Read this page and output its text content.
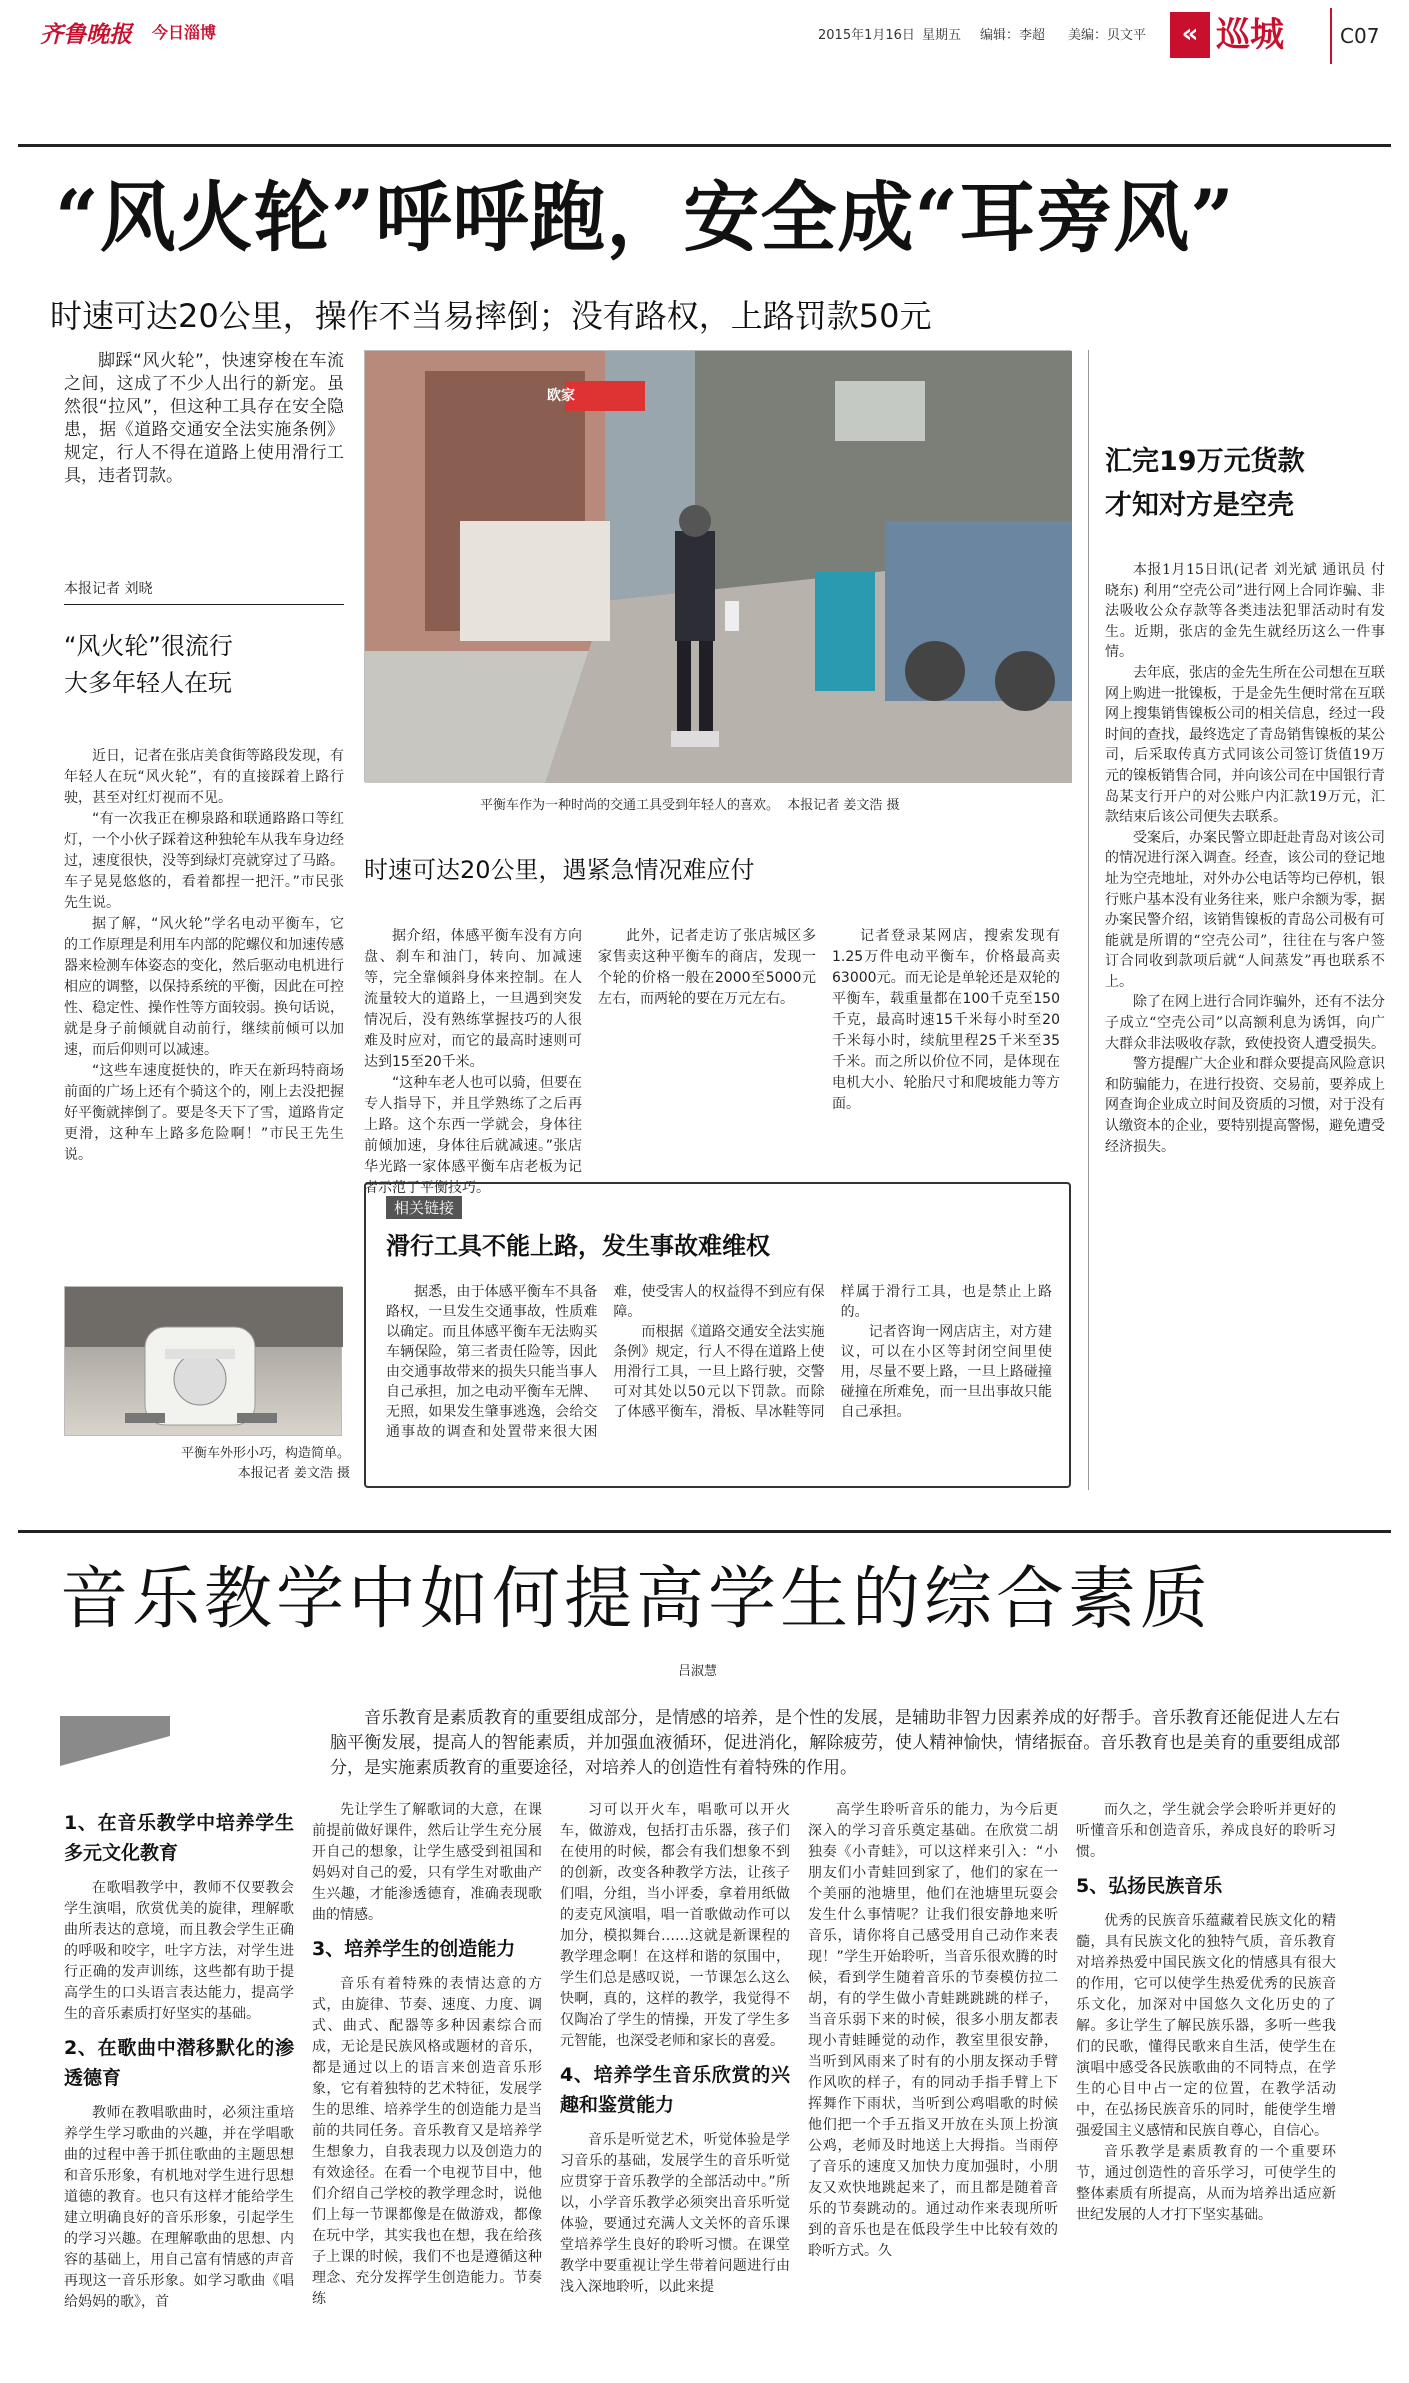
齐鲁晚报 今日淄博	2015年1月16日 星期五 编辑：李超 美编：贝文平	« 巡城	C07
“风火轮”呼呼跑，安全成“耳旁风”
时速可达20公里，操作不当易摔倒；没有路权，上路罚款50元

脚踩“风火轮”，快速穿梭在车流之间，这成了不少人出行的新宠。虽然很“拉风”，但这种工具存在安全隐患，据《道路交通安全法实施条例》规定，行人不得在道路上使用滑行工具，违者罚款。

本报记者 刘晓
“风火轮”很流行
大多年轻人在玩

近日，记者在张店美食街等路段发现，有年轻人在玩“风火轮”，有的直接踩着上路行驶，甚至对红灯视而不见。

“有一次我正在柳泉路和联通路路口等红灯，一个小伙子踩着这种独轮车从我车身边经过，速度很快，没等到绿灯亮就穿过了马路。车子晃晃悠悠的，看着都捏一把汗。”市民张先生说。

据了解，“风火轮”学名电动平衡车，它的工作原理是利用车内部的陀螺仪和加速传感器来检测车体姿态的变化，然后驱动电机进行相应的调整，以保持系统的平衡，因此在可控性、稳定性、操作性等方面较弱。换句话说，就是身子前倾就自动前行，继续前倾可以加速，而后仰则可以减速。

“这些车速度挺快的，昨天在新玛特商场前面的广场上还有个骑这个的，刚上去没把握好平衡就摔倒了。要是冬天下了雪，道路肯定更滑，这种车上路多危险啊！”市民王先生说。

平衡车外形小巧，构造简单。
本报记者 姜文浩 摄
欧家
平衡车作为一种时尚的交通工具受到年轻人的喜欢。  本报记者 姜文浩 摄
时速可达20公里，遇紧急情况难应付

据介绍，体感平衡车没有方向盘、刹车和油门，转向、加减速等，完全靠倾斜身体来控制。在人流量较大的道路上，一旦遇到突发情况后，没有熟练掌握技巧的人很难及时应对，而它的最高时速则可达到15至20千米。

“这种车老人也可以骑，但要在专人指导下，并且学熟练了之后再上路。这个东西一学就会，身体往前倾加速，身体往后就减速。”张店华光路一家体感平衡车店老板为记者示范了平衡技巧。

此外，记者走访了张店城区多家售卖这种平衡车的商店，发现一个轮的价格一般在2000至5000元左右，而两轮的要在万元左右。

记者登录某网店，搜索发现有1.25万件电动平衡车，价格最高卖63000元。而无论是单轮还是双轮的平衡车，载重量都在100千克至150千克，最高时速15千米每小时至20千米每小时，续航里程25千米至35千米。而之所以价位不同，是体现在电机大小、轮胎尺寸和爬坡能力等方面。

相关链接
滑行工具不能上路，发生事故难维权

据悉，由于体感平衡车不具备路权，一旦发生交通事故，性质难以确定。而且体感平衡车无法购买车辆保险，第三者责任险等，因此由交通事故带来的损失只能当事人自己承担，加之电动平衡车无牌、无照，如果发生肇事逃逸，会给交通事故的调查和处置带来很大困难，使受害人的权益得不到应有保障。

而根据《道路交通安全法实施条例》规定，行人不得在道路上使用滑行工具，一旦上路行驶，交警可对其处以50元以下罚款。而除了体感平衡车，滑板、旱冰鞋等同样属于滑行工具，也是禁止上路的。

记者咨询一网店店主，对方建议，可以在小区等封闭空间里使用，尽量不要上路，一旦上路碰撞碰撞在所难免，而一旦出事故只能自己承担。

汇完19万元货款
才知对方是空壳

本报1月15日讯(记者 刘光斌 通讯员 付晓东) 利用“空壳公司”进行网上合同诈骗、非法吸收公众存款等各类违法犯罪活动时有发生。近期，张店的金先生就经历这么一件事情。

去年底，张店的金先生所在公司想在互联网上购进一批镍板，于是金先生便时常在互联网上搜集销售镍板公司的相关信息，经过一段时间的查找，最终选定了青岛销售镍板的某公司，后采取传真方式同该公司签订货值19万元的镍板销售合同，并向该公司在中国银行青岛某支行开户的对公账户内汇款19万元，汇款结束后该公司便失去联系。

受案后，办案民警立即赶赴青岛对该公司的情况进行深入调查。经查，该公司的登记地址为空壳地址，对外办公电话等均已停机，银行账户基本没有业务往来，账户余额为零，据办案民警介绍，该销售镍板的青岛公司极有可能就是所谓的“空壳公司”，往往在与客户签订合同收到款项后就“人间蒸发”再也联系不上。

除了在网上进行合同诈骗外，还有不法分子成立“空壳公司”以高额利息为诱饵，向广大群众非法吸收存款，致使投资人遭受损失。

警方提醒广大企业和群众要提高风险意识和防骗能力，在进行投资、交易前，要养成上网查询企业成立时间及资质的习惯，对于没有认缴资本的企业，要特别提高警惕，避免遭受经济损失。

音乐教学中如何提高学生的综合素质
吕淑慧

音乐教育是素质教育的重要组成部分，是情感的培养，是个性的发展，是辅助非智力因素养成的好帮手。音乐教育还能促进人左右脑平衡发展，提高人的智能素质，并加强血液循环，促进消化，解除疲劳，使人精神愉快，情绪振奋。音乐教育也是美育的重要组成部分，是实施素质教育的重要途径，对培养人的创造性有着特殊的作用。

1、在音乐教学中培养学生多元文化教育

在歌唱教学中，教师不仅要教会学生演唱，欣赏优美的旋律，理解歌曲所表达的意境，而且教会学生正确的呼吸和咬字，吐字方法，对学生进行正确的发声训练，这些都有助于提高学生的口头语言表达能力，提高学生的音乐素质打好坚实的基础。

2、在歌曲中潜移默化的渗透德育

教师在教唱歌曲时，必须注重培养学生学习歌曲的兴趣，并在学唱歌曲的过程中善于抓住歌曲的主题思想和音乐形象，有机地对学生进行思想道德的教育。也只有这样才能给学生建立明确良好的音乐形象，引起学生的学习兴趣。在理解歌曲的思想、内容的基础上，用自己富有情感的声音再现这一音乐形象。如学习歌曲《唱给妈妈的歌》，首

先让学生了解歌词的大意，在课前提前做好课件，然后让学生充分展开自己的想象，让学生感受到祖国和妈妈对自己的爱，只有学生对歌曲产生兴趣，才能渗透德育，准确表现歌曲的情感。

3、培养学生的创造能力

音乐有着特殊的表情达意的方式，由旋律、节奏、速度、力度、调式、曲式、配器等多种因素综合而成，无论是民族风格或题材的音乐，都是通过以上的语言来创造音乐形象，它有着独特的艺术特征，发展学生的思维、培养学生的创造能力是当前的共同任务。音乐教育又是培养学生想象力，自我表现力以及创造力的有效途径。在看一个电视节目中，他们介绍自己学校的教学理念时，说他们上每一节课都像是在做游戏，都像在玩中学，其实我也在想，我在给孩子上课的时候，我们不也是遵循这种理念、充分发挥学生创造能力。节奏练

习可以开火车，唱歌可以开火车，做游戏，包括打击乐器，孩子们在使用的时候，都会有我们想象不到的创新，改变各种教学方法，让孩子们唱，分组，当小评委，拿着用纸做的麦克风演唱，唱一首歌做动作可以加分，模拟舞台……这就是新课程的教学理念啊！在这样和谐的氛围中，学生们总是感叹说，一节课怎么这么快啊，真的，这样的教学，我觉得不仅陶冶了学生的情操，开发了学生多元智能，也深受老师和家长的喜爱。

4、培养学生音乐欣赏的兴趣和鉴赏能力

音乐是听觉艺术，听觉体验是学习音乐的基础，发展学生的音乐听觉应贯穿于音乐教学的全部活动中。”所以，小学音乐教学必须突出音乐听觉体验，要通过充满人文关怀的音乐课堂培养学生良好的聆听习惯。在课堂教学中要重视让学生带着问题进行由浅入深地聆听，以此来提

高学生聆听音乐的能力，为今后更深入的学习音乐奠定基础。在欣赏二胡独奏《小青蛙》，可以这样来引入：“小朋友们小青蛙回到家了，他们的家在一个美丽的池塘里，他们在池塘里玩耍会发生什么事情呢？让我们很安静地来听音乐，请你将自己感受用自己动作来表现！”学生开始聆听，当音乐很欢腾的时候，看到学生随着音乐的节奏模仿拉二胡，有的学生做小青蛙跳跳跳的样子，当音乐弱下来的时候，很多小朋友都表现小青蛙睡觉的动作，教室里很安静，当听到风雨来了时有的小朋友探动手臂作风吹的样子，有的同动手指手臂上下挥舞作下雨状，当听到公鸡唱歌的时候他们把一个手五指叉开放在头顶上扮演公鸡，老师及时地送上大拇指。当雨停了音乐的速度又加快力度加强时，小朋友又欢快地跳起来了，而且都是随着音乐的节奏跳动的。通过动作来表现所听到的音乐也是在低段学生中比较有效的聆听方式。久

而久之，学生就会学会聆听并更好的听懂音乐和创造音乐，养成良好的聆听习惯。

5、弘扬民族音乐

优秀的民族音乐蕴藏着民族文化的精髓，具有民族文化的独特气质，音乐教育对培养热爱中国民族文化的情感具有很大的作用，它可以使学生热爱优秀的民族音乐文化，加深对中国悠久文化历史的了解。多让学生了解民族乐器，多听一些我们的民歌，懂得民歌来自生活，使学生在演唱中感受各民族歌曲的不同特点，在学生的心目中占一定的位置，在教学活动中，在弘扬民族音乐的同时，能使学生增强爱国主义感情和民族自尊心，自信心。

音乐教学是素质教育的一个重要环节，通过创造性的音乐学习，可使学生的整体素质有所提高，从而为培养出适应新世纪发展的人才打下坚实基础。
